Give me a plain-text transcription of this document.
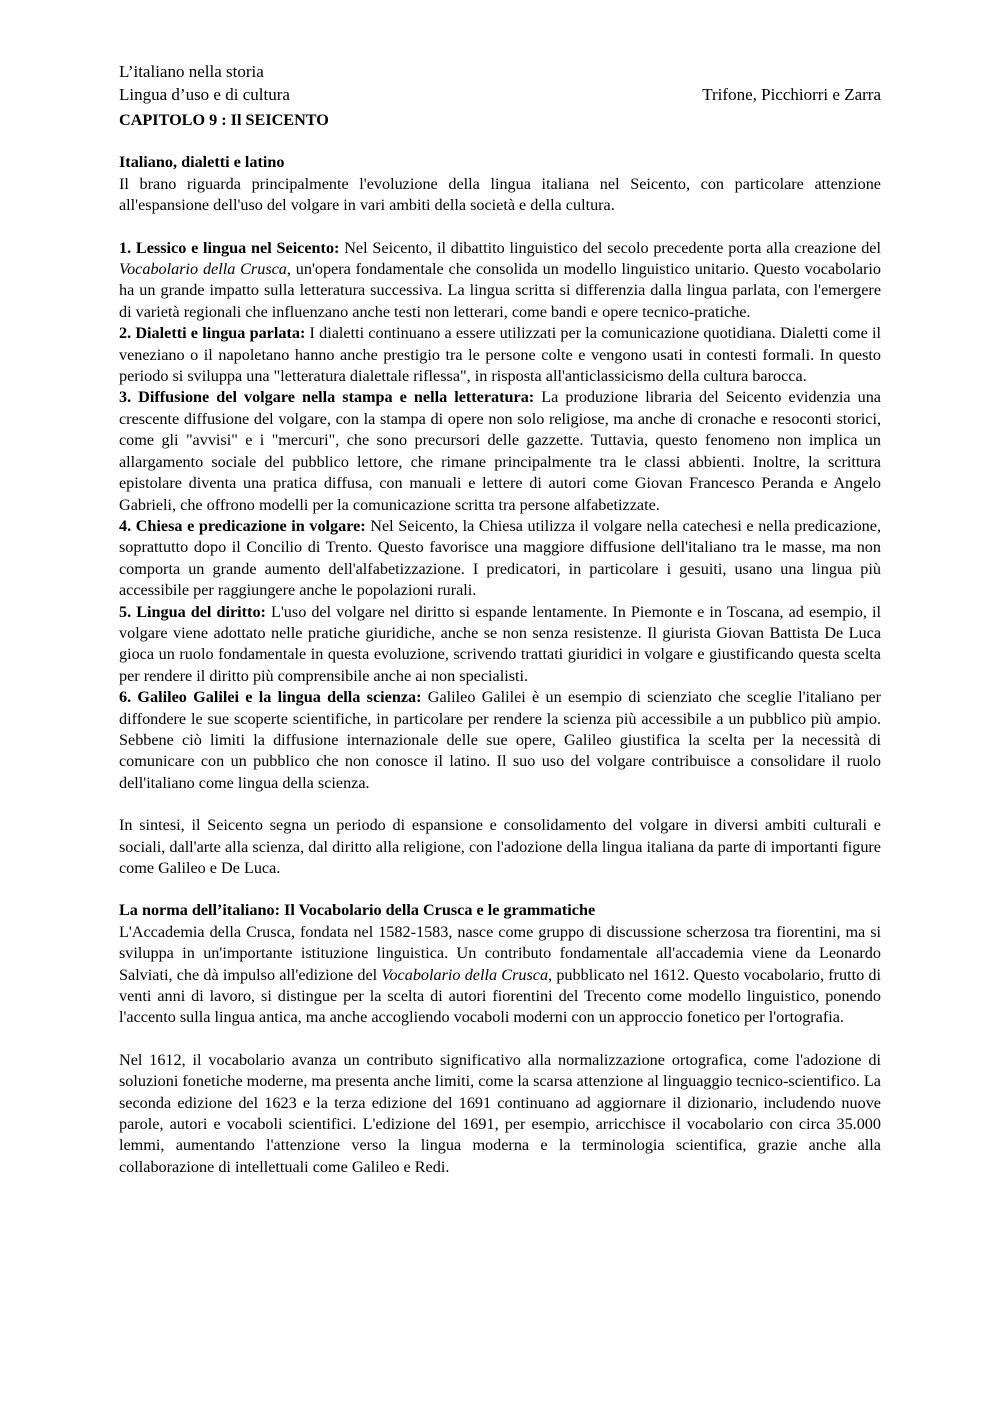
L’italiano nella storia
Lingua d’uso e di cultura	Trifone, Picchiorri e Zarra
CAPITOLO 9 : Il SEICENTO
Italiano, dialetti e latino

Il brano riguarda principalmente l'evoluzione della lingua italiana nel Seicento, con particolare attenzione all'espansione dell'uso del volgare in vari ambiti della società e della cultura.

1. Lessico e lingua nel Seicento: Nel Seicento, il dibattito linguistico del secolo precedente porta alla creazione del Vocabolario della Crusca, un'opera fondamentale che consolida un modello linguistico unitario. Questo vocabolario ha un grande impatto sulla letteratura successiva. La lingua scritta si differenzia dalla lingua parlata, con l'emergere di varietà regionali che influenzano anche testi non letterari, come bandi e opere tecnico-pratiche.

2. Dialetti e lingua parlata: I dialetti continuano a essere utilizzati per la comunicazione quotidiana. Dialetti come il veneziano o il napoletano hanno anche prestigio tra le persone colte e vengono usati in contesti formali. In questo periodo si sviluppa una "letteratura dialettale riflessa", in risposta all'anticlassicismo della cultura barocca.

3. Diffusione del volgare nella stampa e nella letteratura: La produzione libraria del Seicento evidenzia una crescente diffusione del volgare, con la stampa di opere non solo religiose, ma anche di cronache e resoconti storici, come gli "avvisi" e i "mercuri", che sono precursori delle gazzette. Tuttavia, questo fenomeno non implica un allargamento sociale del pubblico lettore, che rimane principalmente tra le classi abbienti. Inoltre, la scrittura epistolare diventa una pratica diffusa, con manuali e lettere di autori come Giovan Francesco Peranda e Angelo Gabrieli, che offrono modelli per la comunicazione scritta tra persone alfabetizzate.

4. Chiesa e predicazione in volgare: Nel Seicento, la Chiesa utilizza il volgare nella catechesi e nella predicazione, soprattutto dopo il Concilio di Trento. Questo favorisce una maggiore diffusione dell'italiano tra le masse, ma non comporta un grande aumento dell'alfabetizzazione. I predicatori, in particolare i gesuiti, usano una lingua più accessibile per raggiungere anche le popolazioni rurali.

5. Lingua del diritto: L'uso del volgare nel diritto si espande lentamente. In Piemonte e in Toscana, ad esempio, il volgare viene adottato nelle pratiche giuridiche, anche se non senza resistenze. Il giurista Giovan Battista De Luca gioca un ruolo fondamentale in questa evoluzione, scrivendo trattati giuridici in volgare e giustificando questa scelta per rendere il diritto più comprensibile anche ai non specialisti.

6. Galileo Galilei e la lingua della scienza: Galileo Galilei è un esempio di scienziato che sceglie l'italiano per diffondere le sue scoperte scientifiche, in particolare per rendere la scienza più accessibile a un pubblico più ampio. Sebbene ciò limiti la diffusione internazionale delle sue opere, Galileo giustifica la scelta per la necessità di comunicare con un pubblico che non conosce il latino. Il suo uso del volgare contribuisce a consolidare il ruolo dell'italiano come lingua della scienza.

In sintesi, il Seicento segna un periodo di espansione e consolidamento del volgare in diversi ambiti culturali e sociali, dall'arte alla scienza, dal diritto alla religione, con l'adozione della lingua italiana da parte di importanti figure come Galileo e De Luca.

La norma dell’italiano: Il Vocabolario della Crusca e le grammatiche

L'Accademia della Crusca, fondata nel 1582-1583, nasce come gruppo di discussione scherzosa tra fiorentini, ma si sviluppa in un'importante istituzione linguistica. Un contributo fondamentale all'accademia viene da Leonardo Salviati, che dà impulso all'edizione del Vocabolario della Crusca, pubblicato nel 1612. Questo vocabolario, frutto di venti anni di lavoro, si distingue per la scelta di autori fiorentini del Trecento come modello linguistico, ponendo l'accento sulla lingua antica, ma anche accogliendo vocaboli moderni con un approccio fonetico per l'ortografia.

Nel 1612, il vocabolario avanza un contributo significativo alla normalizzazione ortografica, come l'adozione di soluzioni fonetiche moderne, ma presenta anche limiti, come la scarsa attenzione al linguaggio tecnico-scientifico. La seconda edizione del 1623 e la terza edizione del 1691 continuano ad aggiornare il dizionario, includendo nuove parole, autori e vocaboli scientifici. L'edizione del 1691, per esempio, arricchisce il vocabolario con circa 35.000 lemmi, aumentando l'attenzione verso la lingua moderna e la terminologia scientifica, grazie anche alla collaborazione di intellettuali come Galileo e Redi.
